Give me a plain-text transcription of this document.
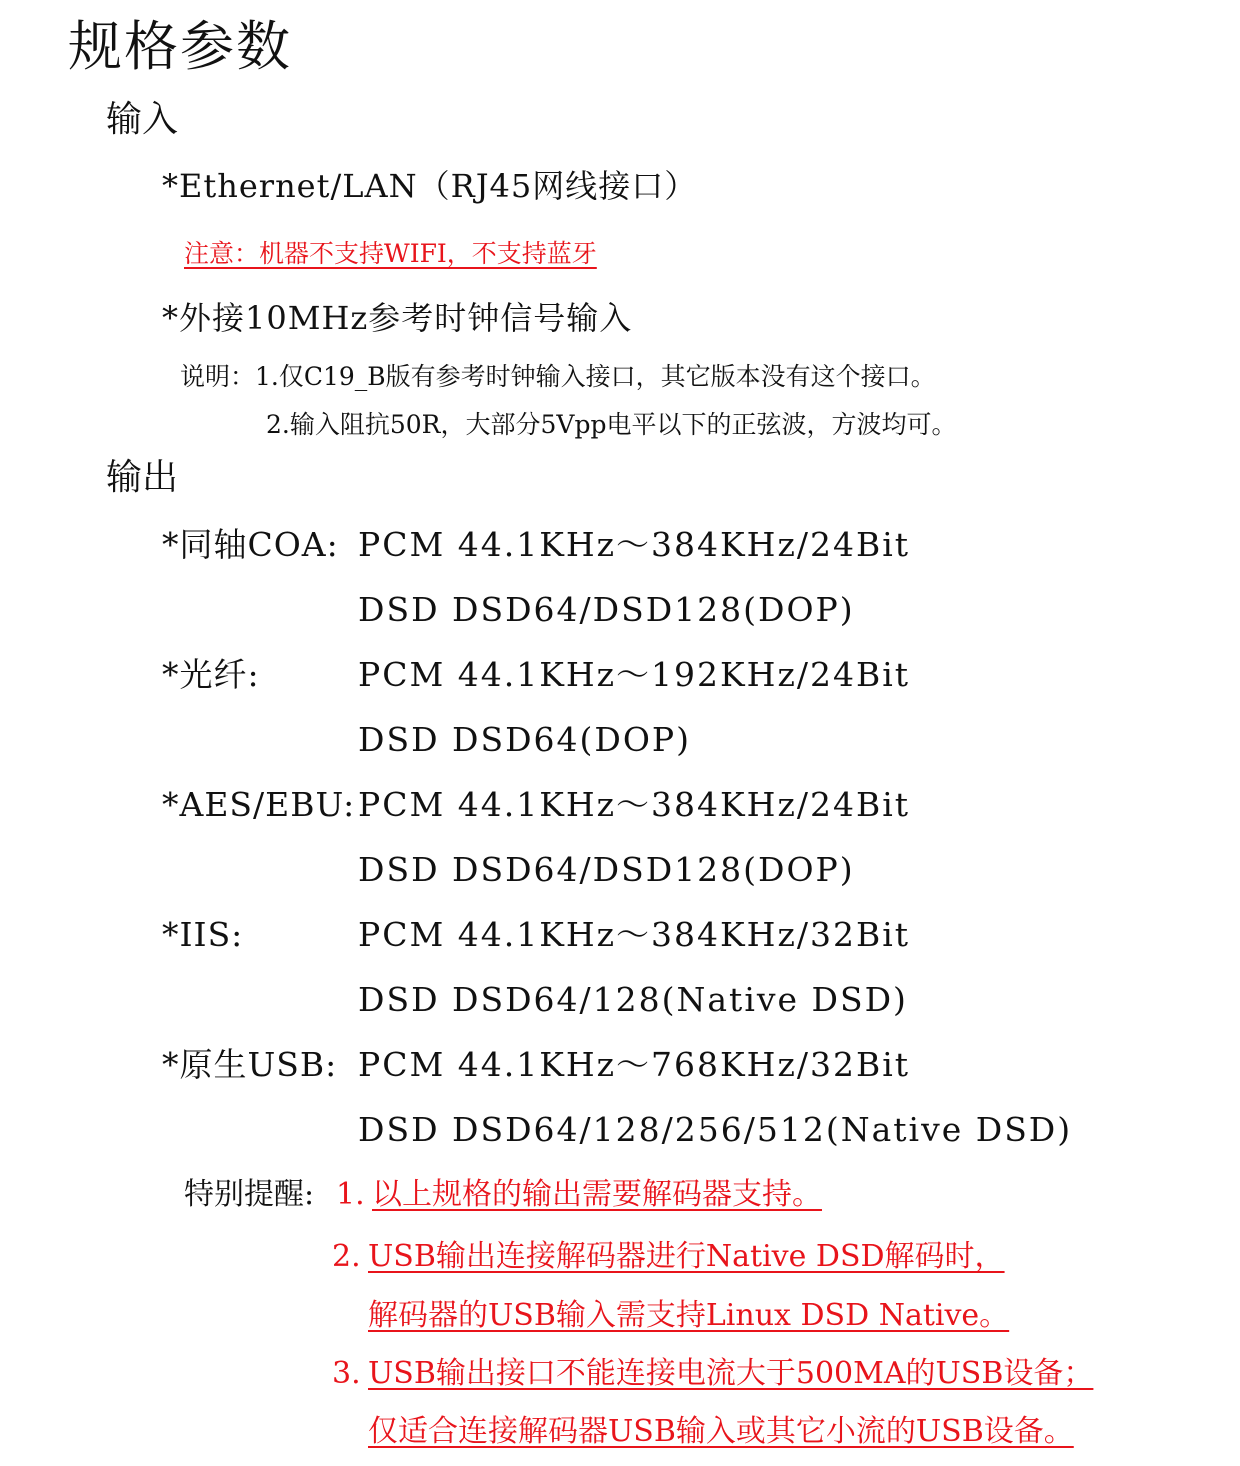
规格参数
输入
*Ethernet/LAN（RJ45网线接口）
注意：机器不支持WIFI，不支持蓝牙
*外接10MHz参考时钟信号输入
说明：1.仅C19_B版有参考时钟输入接口，其它版本没有这个接口。
2.输入阻抗50R，大部分5Vpp电平以下的正弦波，方波均可。
输出
*同轴COA: PCM 44.1KHz～384KHz/24Bit
DSD DSD64/DSD128(DOP)
*光纤:	PCM 44.1KHz～192KHz/24Bit
DSD DSD64(DOP)
*AES/EBU: PCM 44.1KHz～384KHz/24Bit
DSD DSD64/DSD128(DOP)
*IIS:	PCM 44.1KHz～384KHz/32Bit
DSD DSD64/128(Native DSD)
*原生USB: PCM 44.1KHz～768KHz/32Bit
DSD DSD64/128/256/512(Native DSD)
特别提醒: 1. 以上规格的输出需要解码器支持。
2. USB输出连接解码器进行Native DSD解码时，
解码器的USB输入需支持Linux DSD Native。
3. USB输出接口不能连接电流大于500MA的USB设备；
仅适合连接解码器USB输入或其它小流的USB设备。
